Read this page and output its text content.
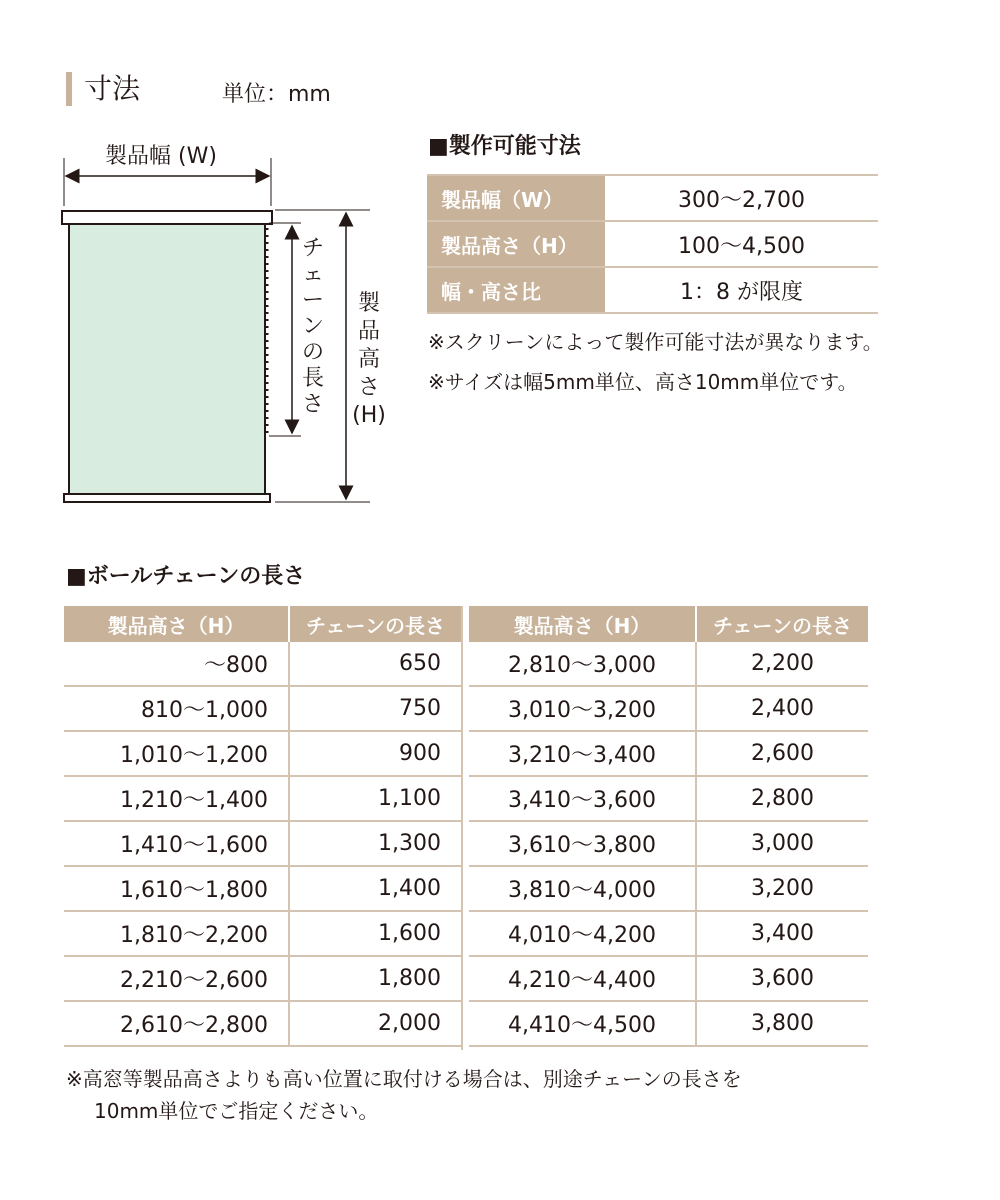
寸法	単位：mm
製品幅 (W)
チェーンの長さ
製品高さ
(H)
■製作可能寸法
製品幅（W）	300〜2,700
製品高さ（H）	100〜4,500
幅・高さ比	1：8 が限度
※スクリーンによって製作可能寸法が異なります。
※サイズは幅5mm単位、高さ10mm単位です。
■ボールチェーンの長さ
製品高さ（H）	チェーンの長さ
〜800	650
810〜1,000	750
1,010〜1,200	900
1,210〜1,400	1,100
1,410〜1,600	1,300
1,610〜1,800	1,400
1,810〜2,200	1,600
2,210〜2,600	1,800
2,610〜2,800	2,000
製品高さ（H）	チェーンの長さ
2,810〜3,000	2,200
3,010〜3,200	2,400
3,210〜3,400	2,600
3,410〜3,600	2,800
3,610〜3,800	3,000
3,810〜4,000	3,200
4,010〜4,200	3,400
4,210〜4,400	3,600
4,410〜4,500	3,800
※高窓等製品高さよりも高い位置に取付ける場合は、別途チェーンの長さを
10mm単位でご指定ください。
